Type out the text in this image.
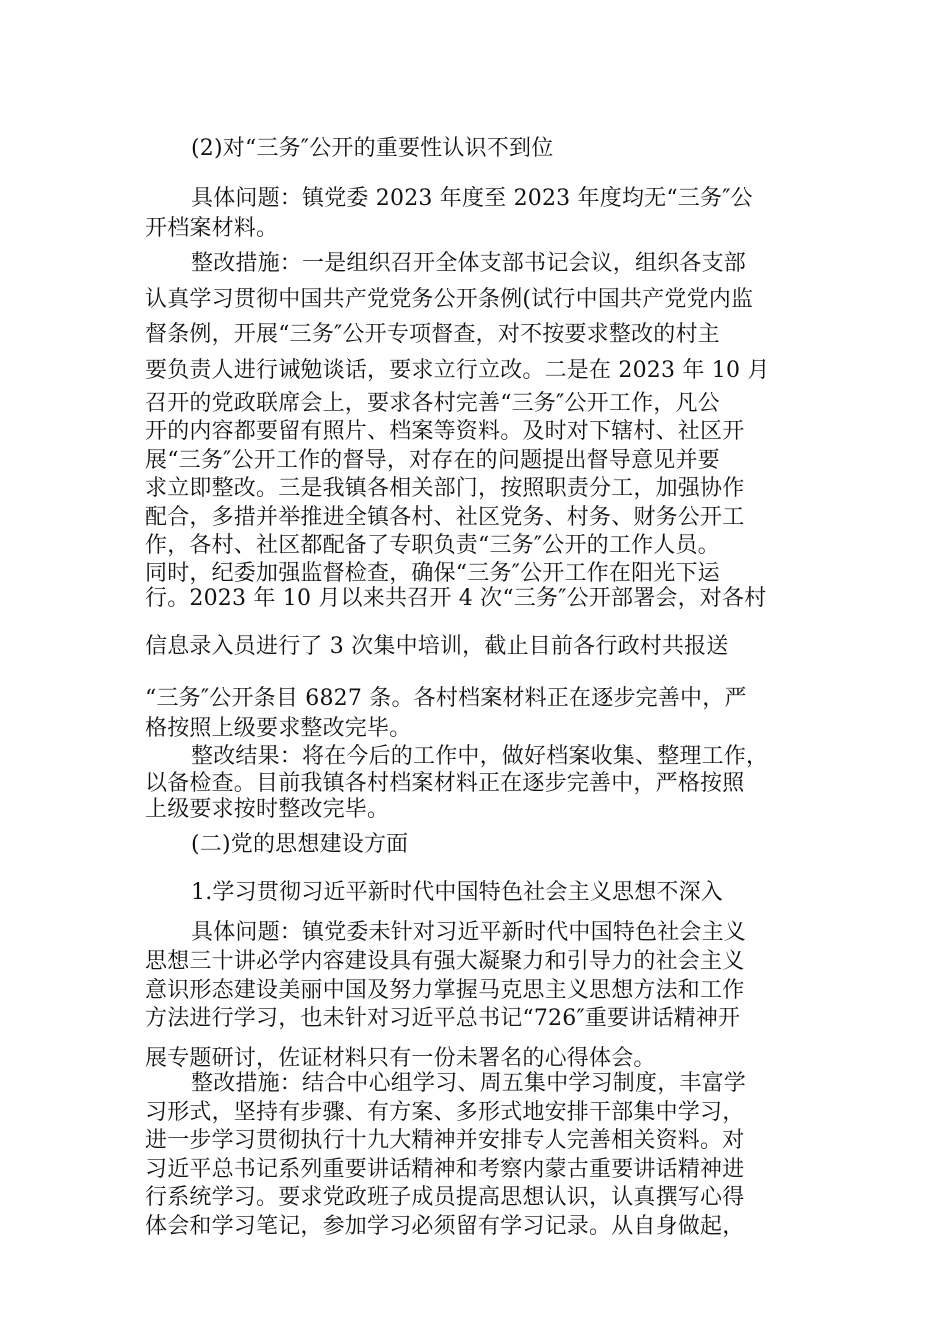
(2)对“三务″公开的重要性认识不到位
具体问题：镇党委 2023 年度至 2023 年度均无“三务″公
开档案材料。
整改措施：一是组织召开全体支部书记会议，组织各支部
认真学习贯彻中国共产党党务公开条例(试行中国共产党党内监
督条例，开展“三务″公开专项督查，对不按要求整改的村主
要负责人进行诫勉谈话，要求立行立改。二是在 2023 年 10 月
召开的党政联席会上，要求各村完善“三务″公开工作，凡公
开的内容都要留有照片、档案等资料。及时对下辖村、社区开
展“三务″公开工作的督导，对存在的问题提出督导意见并要
求立即整改。三是我镇各相关部门，按照职责分工，加强协作
配合，多措并举推进全镇各村、社区党务、村务、财务公开工
作，各村、社区都配备了专职负责“三务″公开的工作人员。
同时，纪委加强监督检查，确保“三务″公开工作在阳光下运
行。2023 年 10 月以来共召开 4 次“三务″公开部署会，对各村
信息录入员进行了 3 次集中培训，截止目前各行政村共报送
“三务″公开条目 6827 条。各村档案材料正在逐步完善中，严
格按照上级要求整改完毕。
整改结果：将在今后的工作中，做好档案收集、整理工作，
以备检查。目前我镇各村档案材料正在逐步完善中，严格按照
上级要求按时整改完毕。
(二)党的思想建设方面
1.学习贯彻习近平新时代中国特色社会主义思想不深入
具体问题：镇党委未针对习近平新时代中国特色社会主义
思想三十讲必学内容建设具有强大凝聚力和引导力的社会主义
意识形态建设美丽中国及努力掌握马克思主义思想方法和工作
方法进行学习，也未针对习近平总书记“726″重要讲话精神开
展专题研讨，佐证材料只有一份未署名的心得体会。
整改措施：结合中心组学习、周五集中学习制度，丰富学
习形式，坚持有步骤、有方案、多形式地安排干部集中学习，
进一步学习贯彻执行十九大精神并安排专人完善相关资料。对
习近平总书记系列重要讲话精神和考察内蒙古重要讲话精神进
行系统学习。要求党政班子成员提高思想认识，认真撰写心得
体会和学习笔记，参加学习必须留有学习记录。从自身做起，
